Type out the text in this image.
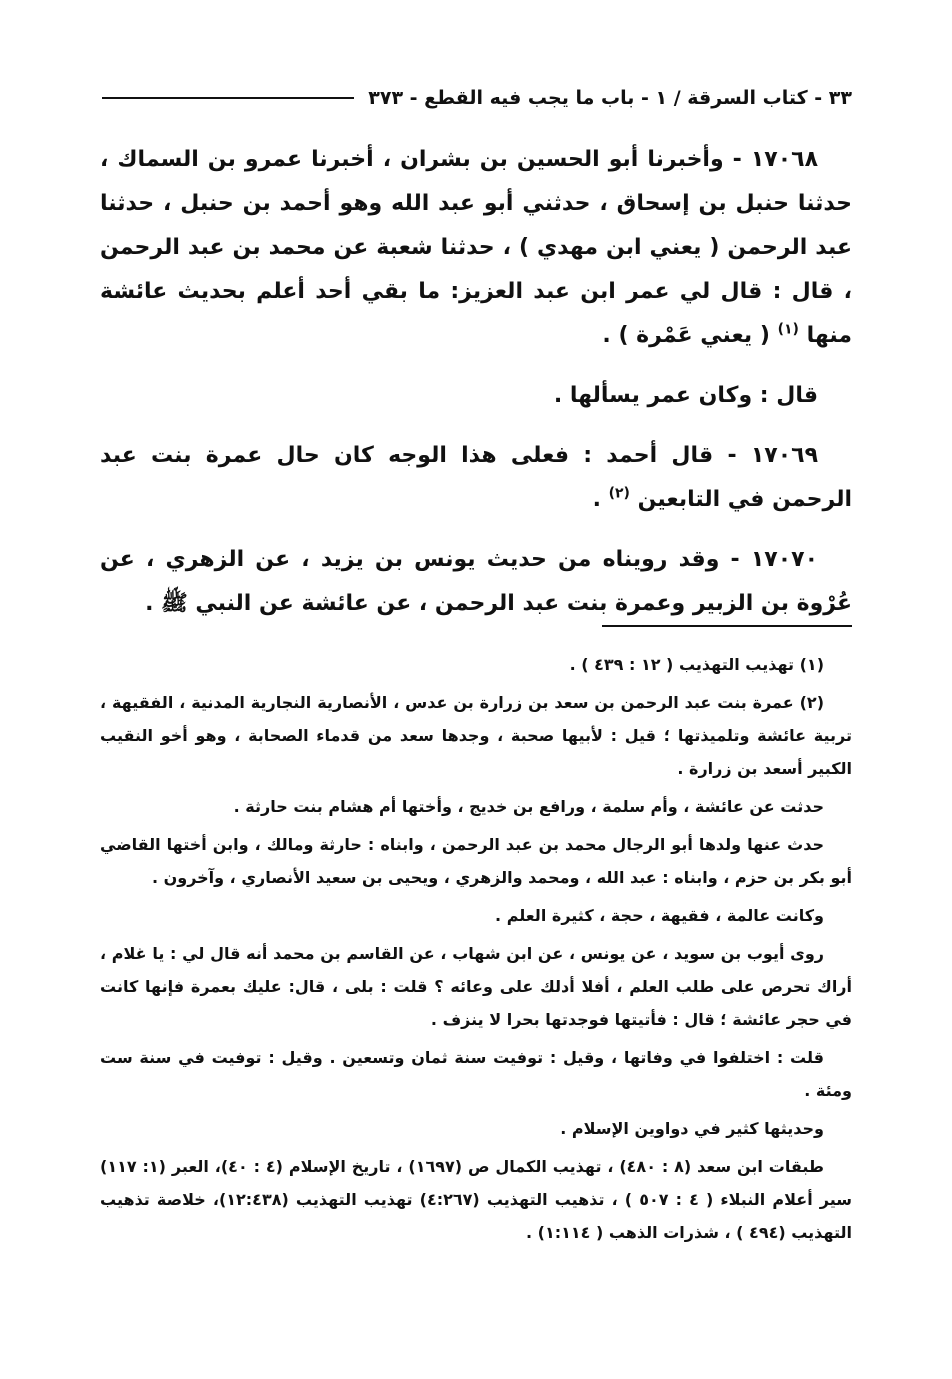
٣٣ - كتاب السرقة / ١ - باب ما يجب فيه القطع - ٣٧٣

١٧٠٦٨ - وأخبرنا أبو الحسين بن بشران ، أخبرنا عمرو بن السماك ، حدثنا حنبل بن إسحاق ، حدثني أبو عبد الله وهو أحمد بن حنبل ، حدثنا عبد الرحمن ( يعني ابن مهدي ) ، حدثنا شعبة عن محمد بن عبد الرحمن ، قال : قال لي عمر ابن عبد العزيز: ما بقي أحد أعلم بحديث عائشة منها $^{(١)}$ ( يعني عَمْرة ) .

قال : وكان عمر يسألها .

١٧٠٦٩ - قال أحمد : فعلى هذا الوجه كان حال عمرة بنت عبد الرحمن في التابعين $^{(٢)}$ .

١٧٠٧٠ - وقد رويناه من حديث يونس بن يزيد ، عن الزهري ، عن عُرْوة بن الزبير وعمرة بنت عبد الرحمن ، عن عائشة عن النبي ﷺ .

(١) تهذيب التهذيب ( ١٢ : ٤٣٩ ) .

(٢) عمرة بنت عبد الرحمن بن سعد بن زرارة بن عدس ، الأنصارية النجارية المدنية ، الفقيهة ، تربية عائشة وتلميذتها ؛ قيل : لأبيها صحبة ، وجدها سعد من قدماء الصحابة ، وهو أخو النقيب الكبير أسعد بن زرارة .

حدثت عن عائشة ، وأم سلمة ، ورافع بن خديج ، وأختها أم هشام بنت حارثة .

حدث عنها ولدها أبو الرجال محمد بن عبد الرحمن ، وابناه : حارثة ومالك ، وابن أختها القاضي أبو بكر بن حزم ، وابناه : عبد الله ، ومحمد والزهري ، ويحيى بن سعيد الأنصاري ، وآخرون .

وكانت عالمة ، فقيهة ، حجة ، كثيرة العلم .

روى أيوب بن سويد ، عن يونس ، عن ابن شهاب ، عن القاسم بن محمد أنه قال لي : يا غلام ، أراك تحرص على طلب العلم ، أفلا أدلك على وعائه ؟ قلت : بلى ، قال: عليك بعمرة فإنها كانت في حجر عائشة ؛ قال : فأتيتها فوجدتها بحرا لا ينزف .

قلت : اختلفوا في وفاتها ، وقيل : توفيت سنة ثمان وتسعين . وقيل : توفيت في سنة ست ومئة .

وحديثها كثير في دواوين الإسلام .

طبقات ابن سعد (٨ : ٤٨٠) ، تهذيب الكمال ص (١٦٩٧) ، تاريخ الإسلام (٤ : ٤٠)، العبر (١: ١١٧) سير أعلام النبلاء ( ٤ : ٥٠٧ ) ، تذهيب التهذيب (٤:٢٦٧) تهذيب التهذيب (١٢:٤٣٨)، خلاصة تذهيب التهذيب (٤٩٤ ) ، شذرات الذهب ( ١:١١٤) .
